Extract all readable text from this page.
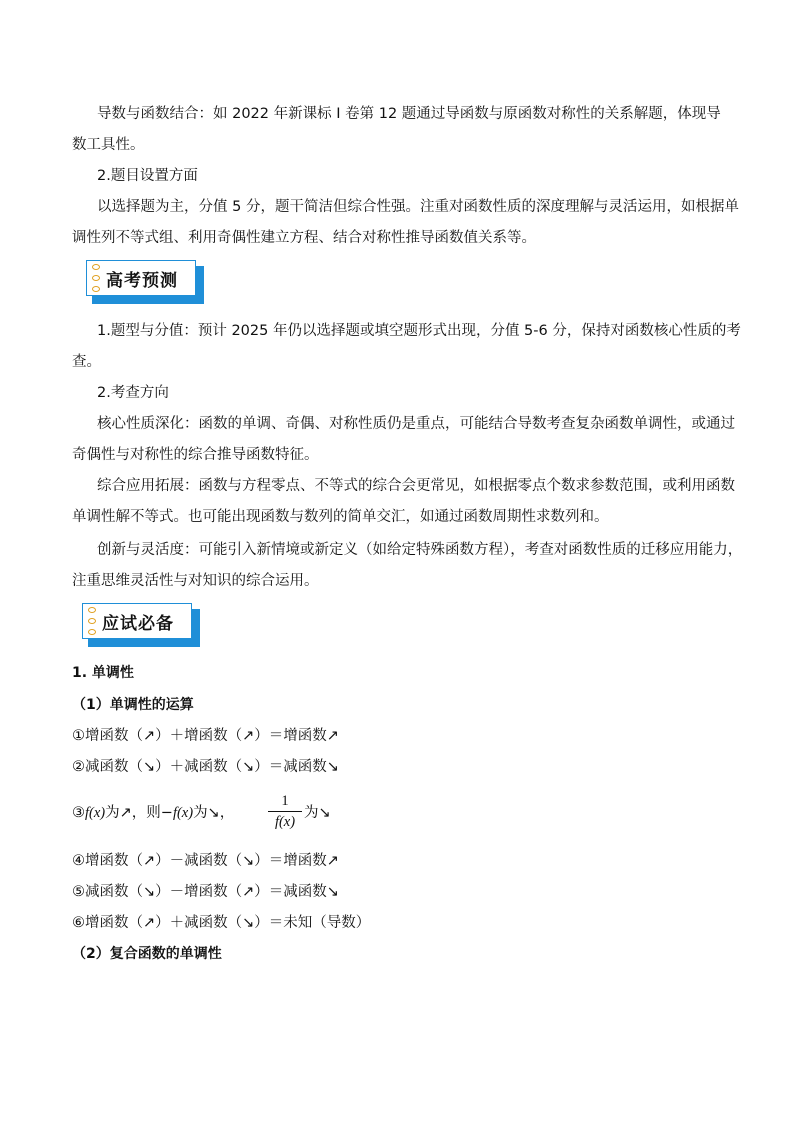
导数与函数结合：如 2022 年新课标 Ⅰ 卷第 12 题通过导函数与原函数对称性的关系解题，体现导
数工具性。
2.题目设置方面
以选择题为主，分值 5 分，题干简洁但综合性强。注重对函数性质的深度理解与灵活运用，如根据单
调性列不等式组、利用奇偶性建立方程、结合对称性推导函数值关系等。
高考预测
1.题型与分值：预计 2025 年仍以选择题或填空题形式出现，分值 5-6 分，保持对函数核心性质的考
查。
2.考查方向
核心性质深化：函数的单调、奇偶、对称性质仍是重点，可能结合导数考查复杂函数单调性，或通过
奇偶性与对称性的综合推导函数特征。
综合应用拓展：函数与方程零点、不等式的综合会更常见，如根据零点个数求参数范围，或利用函数
单调性解不等式。也可能出现函数与数列的简单交汇，如通过函数周期性求数列和。
创新与灵活度：可能引入新情境或新定义（如给定特殊函数方程），考查对函数性质的迁移应用能力，
注重思维灵活性与对知识的综合运用。
应试必备
1. 单调性
（1）单调性的运算
①增函数（↗）＋增函数（↗）＝增函数↗
②减函数（↘）＋减函数（↘）＝减函数↘
③f(x)为↗，则−f(x)为↘，
1
f(x)
为↘
④增函数（↗）－减函数（↘）＝增函数↗
⑤减函数（↘）－增函数（↗）＝减函数↘
⑥增函数（↗）＋减函数（↘）＝未知（导数）
（2）复合函数的单调性
